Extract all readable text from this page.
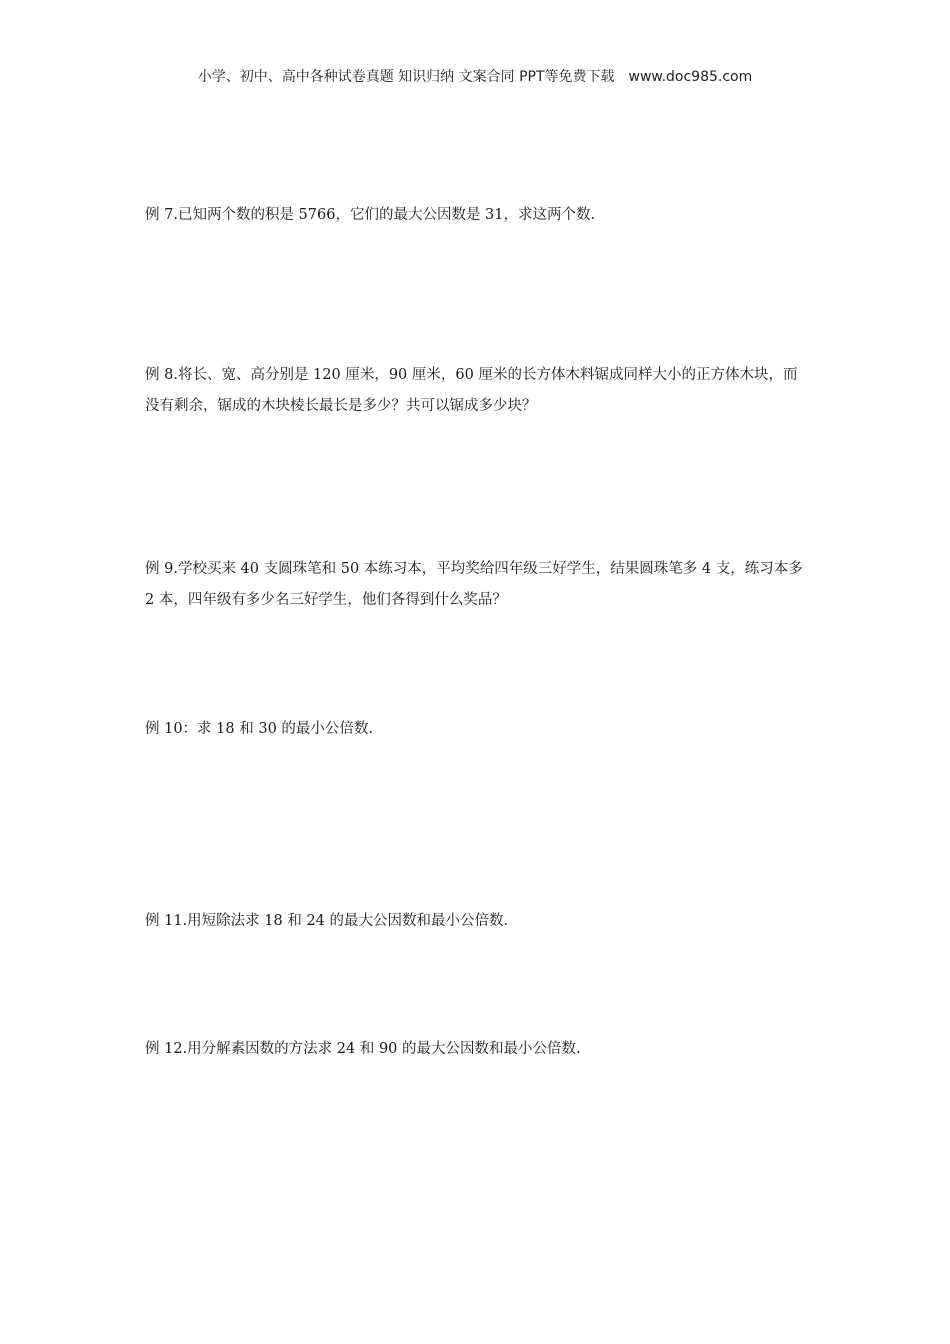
小学、初中、高中各种试卷真题 知识归纳 文案合同 PPT等免费下载 www.doc985.com

例 7.已知两个数的积是 5766，它们的最大公因数是 31，求这两个数.

例 8.将长、宽、高分别是 120 厘米，90 厘米，60 厘米的长方体木料锯成同样大小的正方体木块，而没有剩余，锯成的木块棱长最长是多少？共可以锯成多少块？

例 9.学校买来 40 支圆珠笔和 50 本练习本，平均奖给四年级三好学生，结果圆珠笔多 4 支，练习本多 2 本，四年级有多少名三好学生，他们各得到什么奖品？

例 10：求 18 和 30 的最小公倍数.

例 11.用短除法求 18 和 24 的最大公因数和最小公倍数.

例 12.用分解素因数的方法求 24 和 90 的最大公因数和最小公倍数.
